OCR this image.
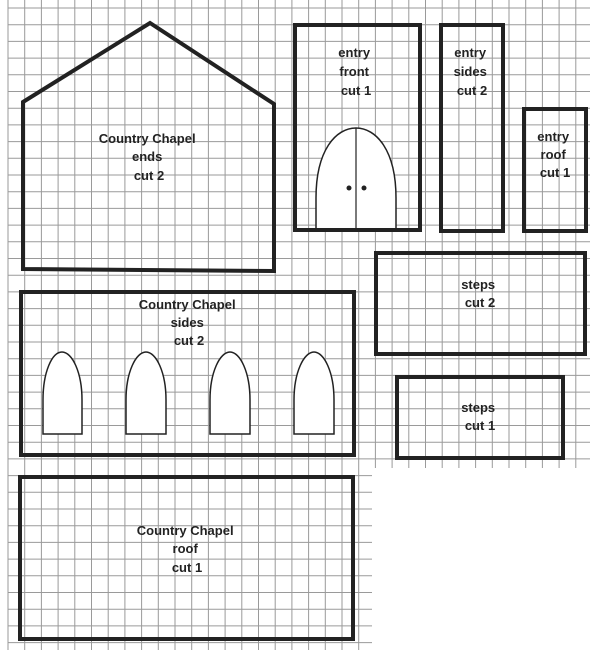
Country Chapel ends cut 2
entry front cut 1
entry sides cut 2
entry roof cut 1
steps cut 2
Country Chapel sides cut 2
steps cut 1
Country Chapel roof cut 1
